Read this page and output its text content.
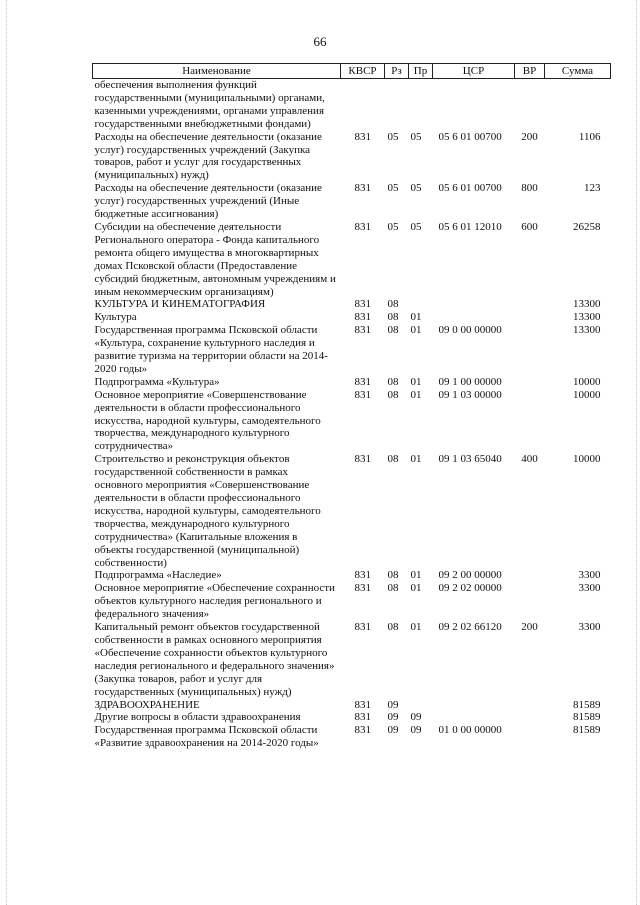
66
Наименование	КВСР	Рз	Пр	ЦСР	ВР	Сумма
обеспечения выполнения функций государственными (муниципальными) органами, казенными учреждениями, органами управления государственными внебюджетными фондами)						
Расходы на обеспечение деятельности (оказание услуг) государственных учреждений (Закупка товаров, работ и услуг для государственных (муниципальных) нужд)	831	05	05	05 6 01 00700	200	1106
Расходы на обеспечение деятельности (оказание услуг) государственных учреждений (Иные бюджетные ассигнования)	831	05	05	05 6 01 00700	800	123
Субсидии на обеспечение деятельности Регионального оператора - Фонда капитального ремонта общего имущества в многоквартирных домах Псковской области (Предоставление субсидий бюджетным, автономным учреждениям и иным некоммерческим организациям)	831	05	05	05 6 01 12010	600	26258
КУЛЬТУРА И КИНЕМАТОГРАФИЯ	831	08				13300
Культура	831	08	01			13300
Государственная программа Псковской области «Культура, сохранение культурного наследия и развитие туризма на территории области на 2014-2020 годы»	831	08	01	09 0 00 00000		13300
Подпрограмма «Культура»	831	08	01	09 1 00 00000		10000
Основное мероприятие «Совершенствование деятельности в области профессионального искусства, народной культуры, самодеятельного творчества, международного культурного сотрудничества»	831	08	01	09 1 03 00000		10000
Строительство и реконструкция объектов государственной собственности в рамках основного мероприятия «Совершенствование деятельности в области профессионального искусства, народной культуры, самодеятельного творчества, международного культурного сотрудничества» (Капитальные вложения в объекты государственной (муниципальной) собственности)	831	08	01	09 1 03 65040	400	10000
Подпрограмма «Наследие»	831	08	01	09 2 00 00000		3300
Основное мероприятие «Обеспечение сохранности объектов культурного наследия регионального и федерального значения»	831	08	01	09 2 02 00000		3300
Капитальный ремонт объектов государственной собственности в рамках основного мероприятия «Обеспечение сохранности объектов культурного наследия регионального и федерального значения» (Закупка товаров, работ и услуг для государственных (муниципальных) нужд)	831	08	01	09 2 02 66120	200	3300
ЗДРАВООХРАНЕНИЕ	831	09				81589
Другие вопросы в области здравоохранения	831	09	09			81589
Государственная программа Псковской области «Развитие здравоохранения на 2014-2020 годы»	831	09	09	01 0 00 00000		81589
